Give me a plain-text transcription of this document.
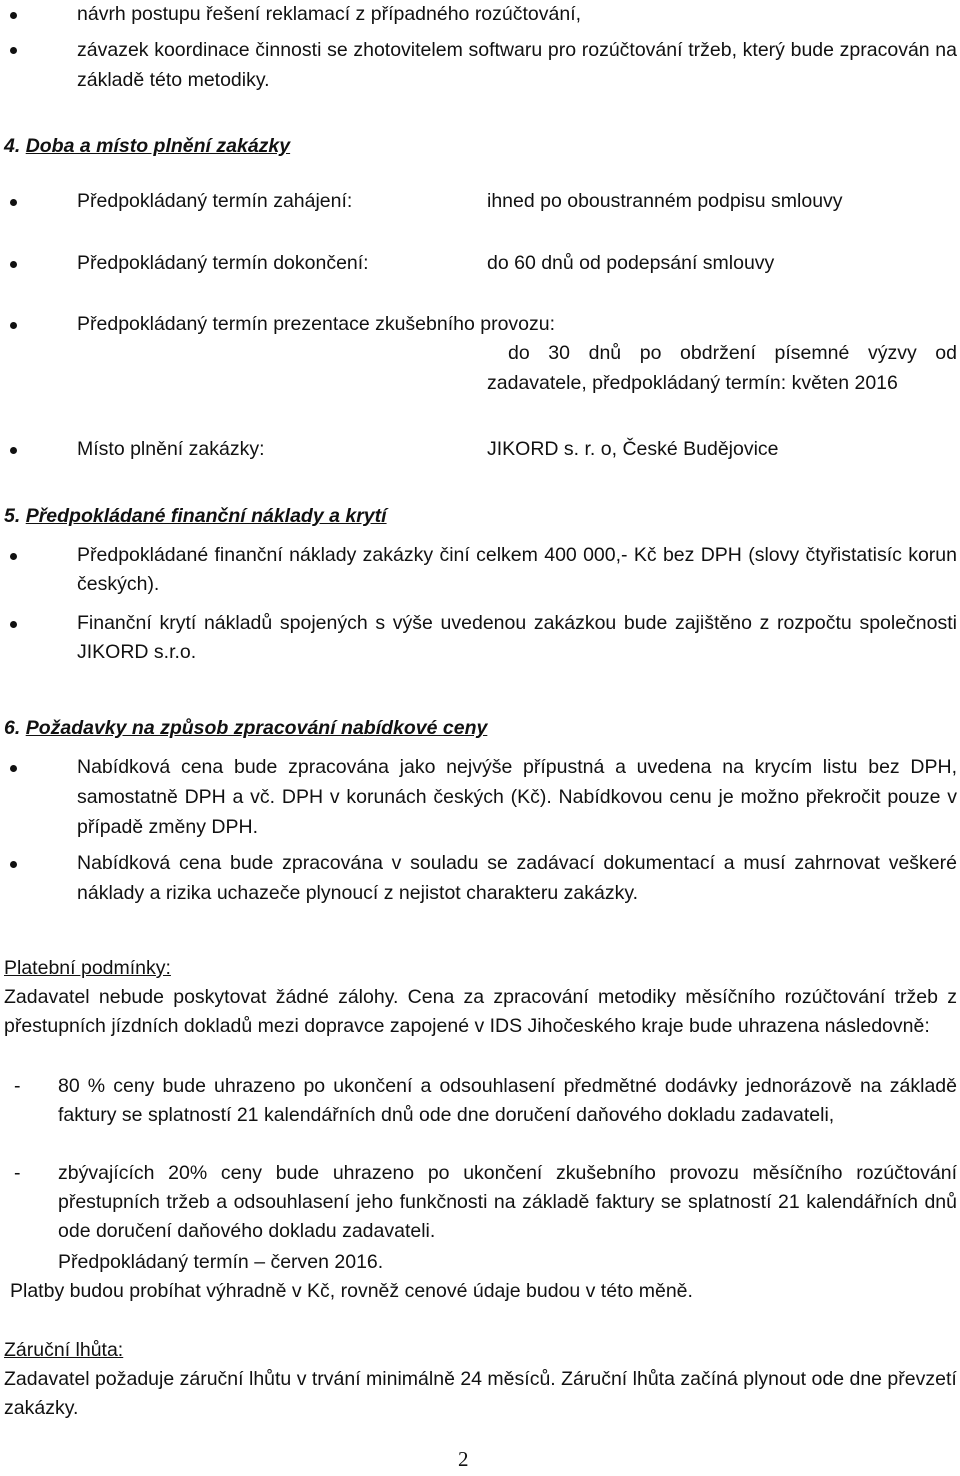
návrh postupu řešení reklamací z případného rozúčtování,
závazek koordinace činnosti se zhotovitelem softwaru pro rozúčtování tržeb, který bude zpracován na základě této metodiky.
4. Doba a místo plnění zakázky
Předpokládaný termín zahájení:	ihned po oboustranném podpisu smlouvy
Předpokládaný termín dokončení:	do 60 dnů od podepsání smlouvy
Předpokládaný termín prezentace zkušebního provozu:
do 30 dnů po obdržení písemné výzvy od zadavatele, předpokládaný termín: květen 2016
Místo plnění zakázky:	JIKORD s. r. o, České Budějovice
5. Předpokládané finanční náklady a krytí
Předpokládané finanční náklady zakázky činí celkem 400 000,- Kč bez DPH (slovy čtyřistatisíc korun českých).
Finanční krytí nákladů spojených s výše uvedenou zakázkou bude zajištěno z rozpočtu společnosti JIKORD s.r.o.
6. Požadavky na způsob zpracování nabídkové ceny
Nabídková cena bude zpracována jako nejvýše přípustná a uvedena na krycím listu bez DPH, samostatně DPH a vč. DPH v korunách českých (Kč). Nabídkovou cenu je možno překročit pouze v případě změny DPH.
Nabídková cena bude zpracována v souladu se zadávací dokumentací a musí zahrnovat veškeré náklady a rizika uchazeče plynoucí z nejistot charakteru zakázky.
Platební podmínky:
Zadavatel nebude poskytovat žádné zálohy. Cena za zpracování metodiky měsíčního rozúčtování tržeb z přestupních jízdních dokladů mezi dopravce zapojené v IDS Jihočeského kraje bude uhrazena následovně:
- 80 % ceny bude uhrazeno po ukončení a odsouhlasení předmětné dodávky jednorázově na základě faktury se splatností 21 kalendářních dnů ode dne doručení daňového dokladu zadavateli,
- zbývajících 20% ceny bude uhrazeno po ukončení zkušebního provozu měsíčního rozúčtování přestupních tržeb a odsouhlasení jeho funkčnosti na základě faktury se splatností 21 kalendářních dnů ode doručení daňového dokladu zadavateli.
Předpokládaný termín – červen 2016.
Platby budou probíhat výhradně v Kč, rovněž cenové údaje budou v této měně.
Záruční lhůta:
Zadavatel požaduje záruční lhůtu v trvání minimálně 24 měsíců. Záruční lhůta začíná plynout ode dne převzetí zakázky.
2
